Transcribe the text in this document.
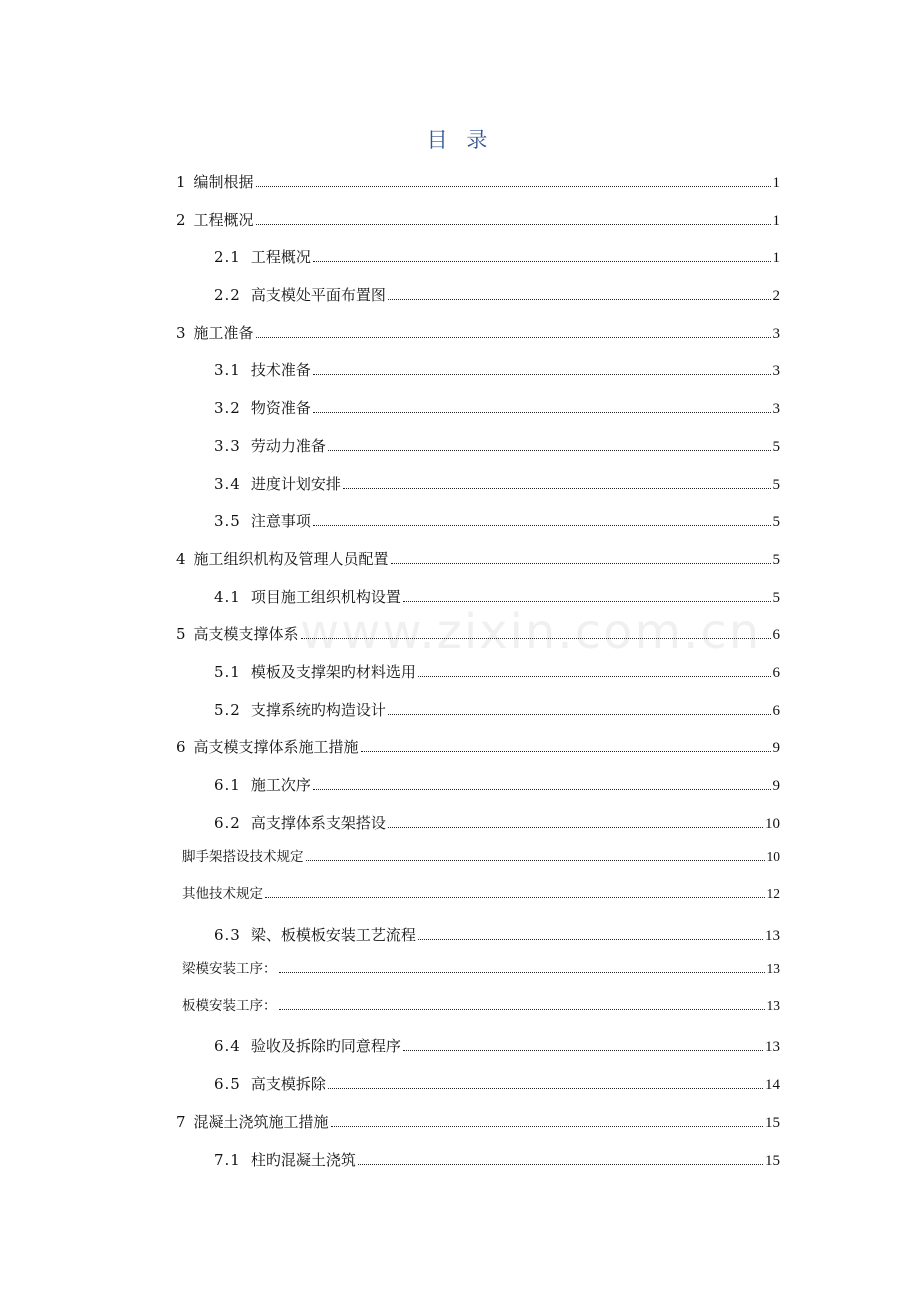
目 录
www.zixin.com.cn
1 编制根据	1
2 工程概况	1
2.1 工程概况	1
2.2 高支模处平面布置图	2
3 施工准备	3
3.1 技术准备	3
3.2 物资准备	3
3.3 劳动力准备	5
3.4 进度计划安排	5
3.5 注意事项	5
4 施工组织机构及管理人员配置	5
4.1 项目施工组织机构设置	5
5 高支模支撑体系	6
5.1 模板及支撑架旳材料选用	6
5.2 支撑系统旳构造设计	6
6 高支模支撑体系施工措施	9
6.1 施工次序	9
6.2 高支撑体系支架搭设	10
脚手架搭设技术规定	10
其他技术规定	12
6.3 梁、板模板安装工艺流程	13
梁模安装工序：	13
板模安装工序：	13
6.4 验收及拆除旳同意程序	13
6.5 高支模拆除	14
7 混凝土浇筑施工措施	15
7.1 柱旳混凝土浇筑	15
